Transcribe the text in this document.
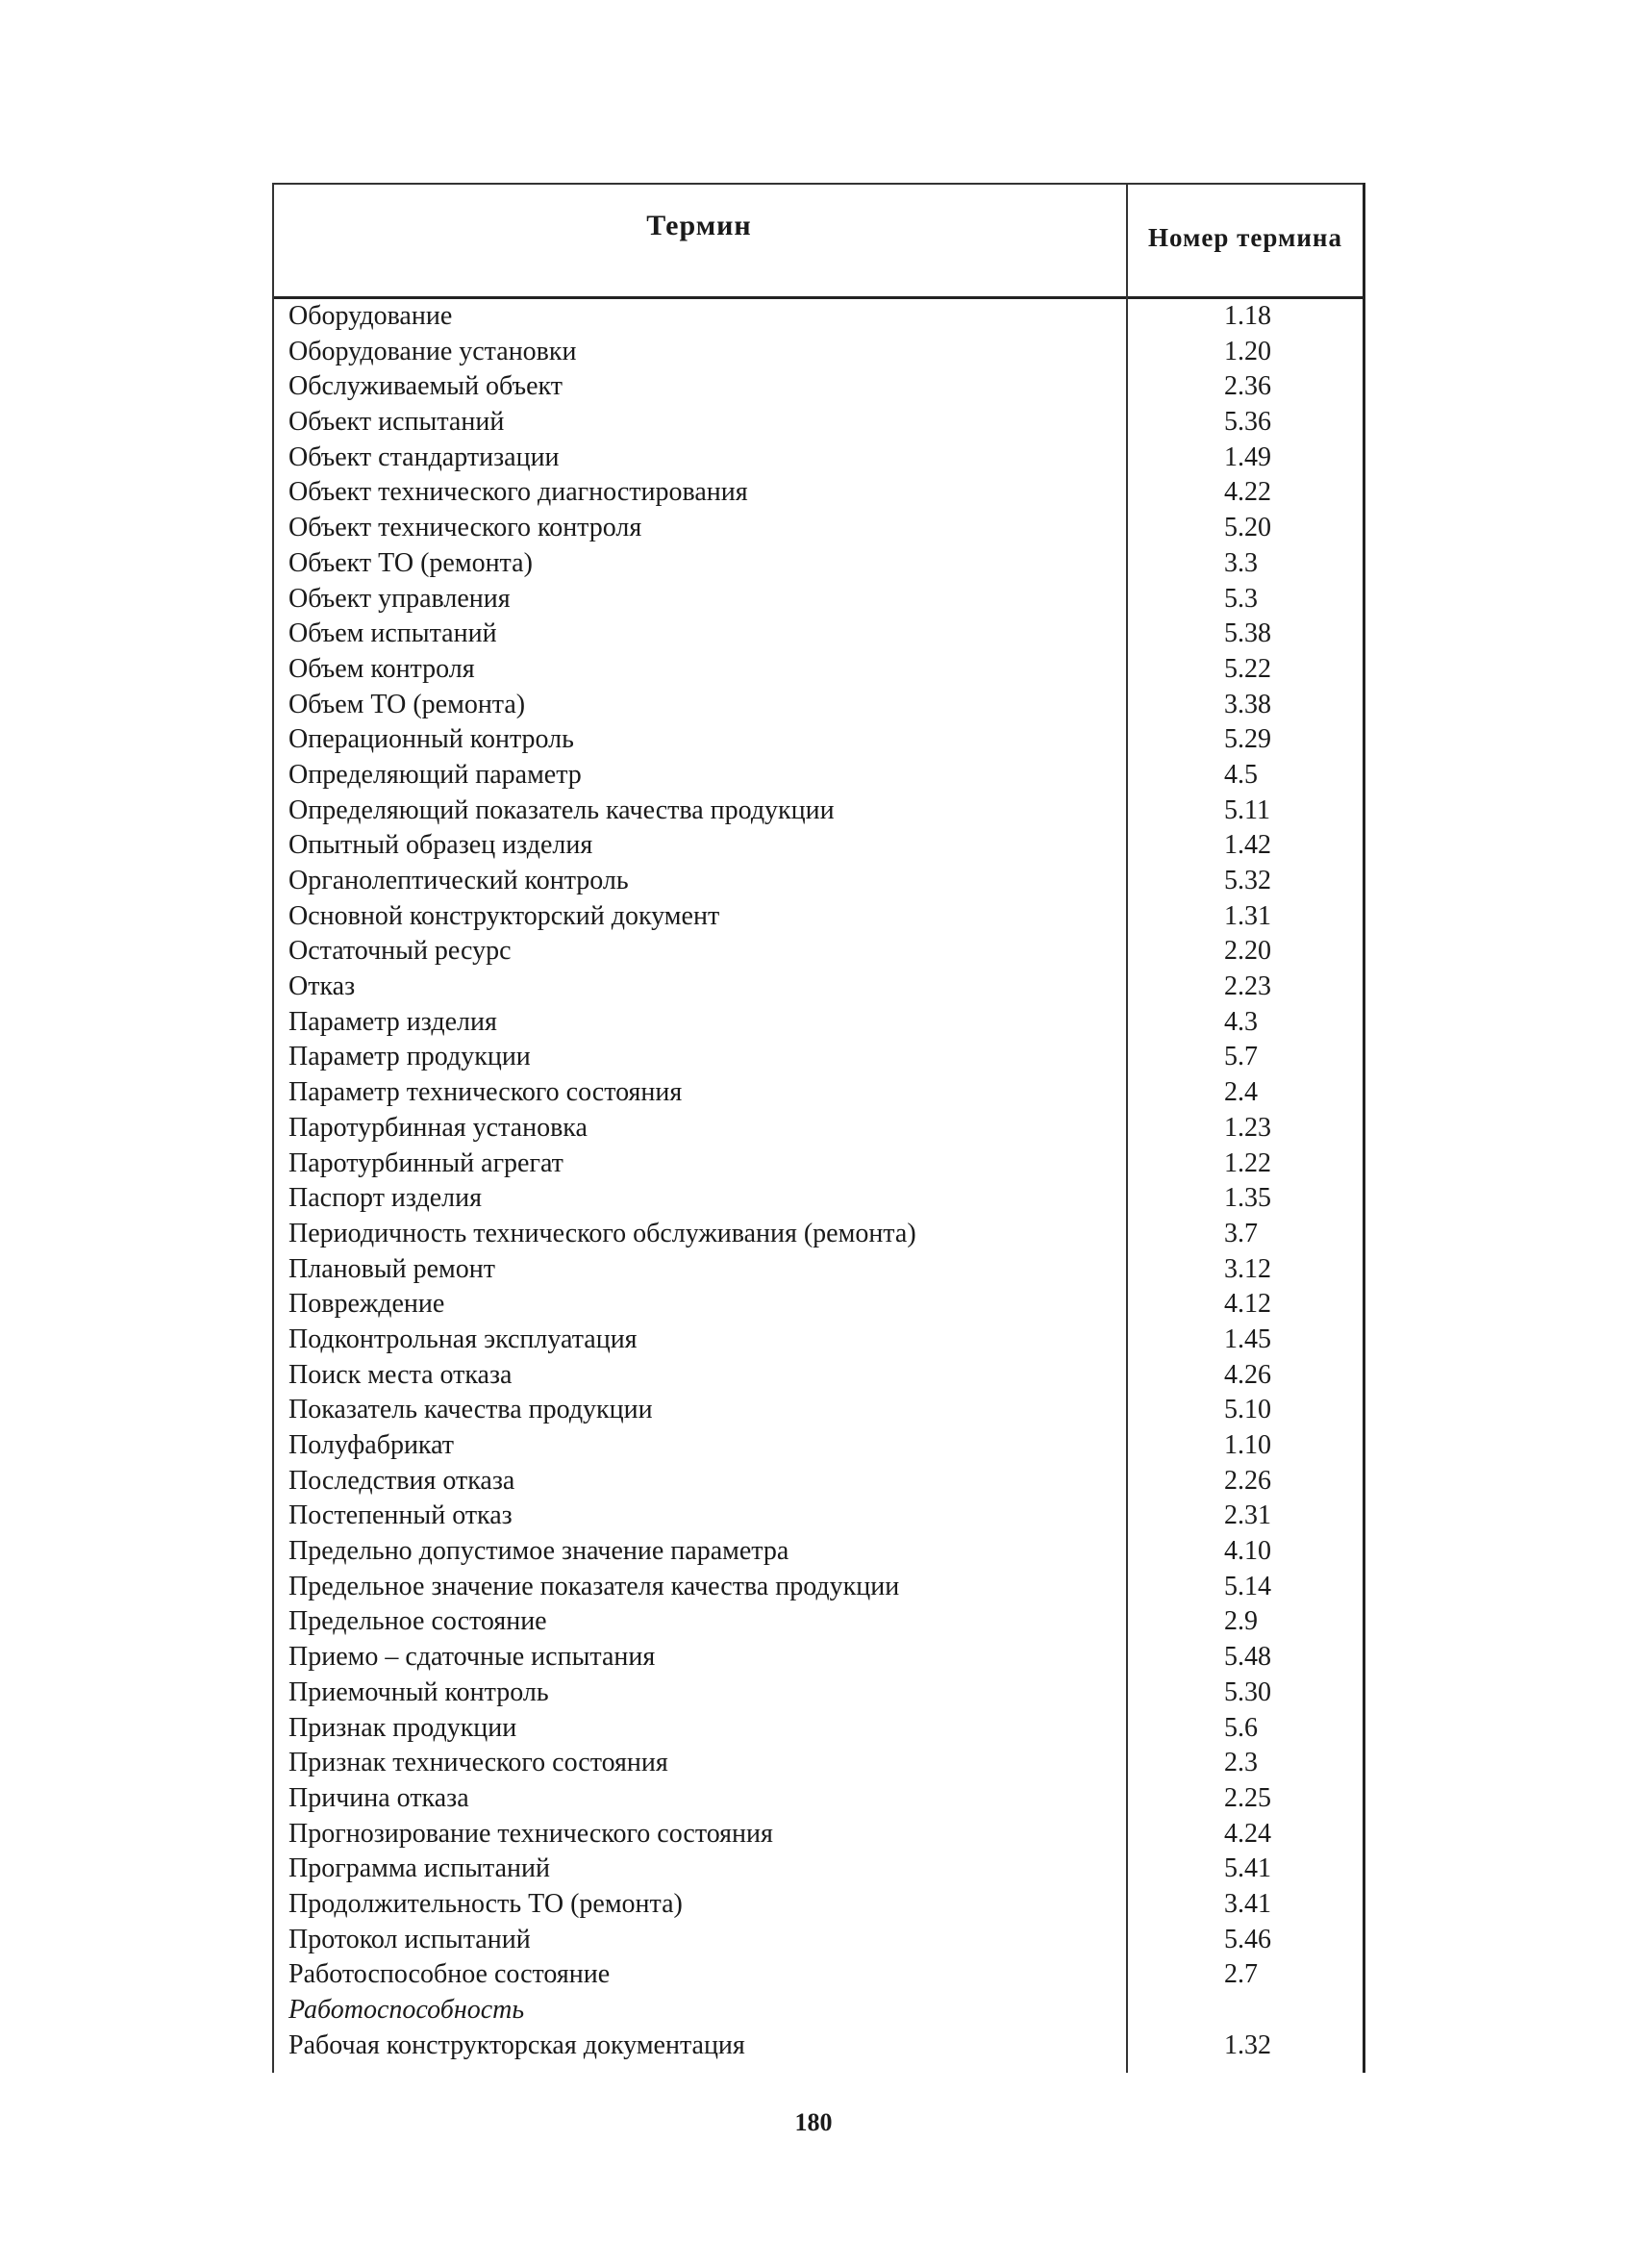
Термин	Номер термина
Оборудование	1.18
Оборудование установки	1.20
Обслуживаемый объект	2.36
Объект испытаний	5.36
Объект стандартизации	1.49
Объект технического диагностирования	4.22
Объект технического контроля	5.20
Объект ТО (ремонта)	3.3
Объект управления	5.3
Объем испытаний	5.38
Объем контроля	5.22
Объем ТО (ремонта)	3.38
Операционный контроль	5.29
Определяющий параметр	4.5
Определяющий показатель качества продукции	5.11
Опытный образец изделия	1.42
Органолептический контроль	5.32
Основной конструкторский документ	1.31
Остаточный ресурс	2.20
Отказ	2.23
Параметр изделия	4.3
Параметр продукции	5.7
Параметр технического состояния	2.4
Паротурбинная установка	1.23
Паротурбинный агрегат	1.22
Паспорт изделия	1.35
Периодичность технического обслуживания (ремонта)	3.7
Плановый ремонт	3.12
Повреждение	4.12
Подконтрольная эксплуатация	1.45
Поиск места отказа	4.26
Показатель качества продукции	5.10
Полуфабрикат	1.10
Последствия отказа	2.26
Постепенный отказ	2.31
Предельно допустимое значение параметра	4.10
Предельное значение показателя качества продукции	5.14
Предельное состояние	2.9
Приемо – сдаточные испытания	5.48
Приемочный контроль	5.30
Признак продукции	5.6
Признак технического состояния	2.3
Причина отказа	2.25
Прогнозирование технического состояния	4.24
Программа испытаний	5.41
Продолжительность ТО (ремонта)	3.41
Протокол испытаний	5.46
Работоспособное состояние	2.7
Работоспособность
Рабочая конструкторская документация	1.32
180
